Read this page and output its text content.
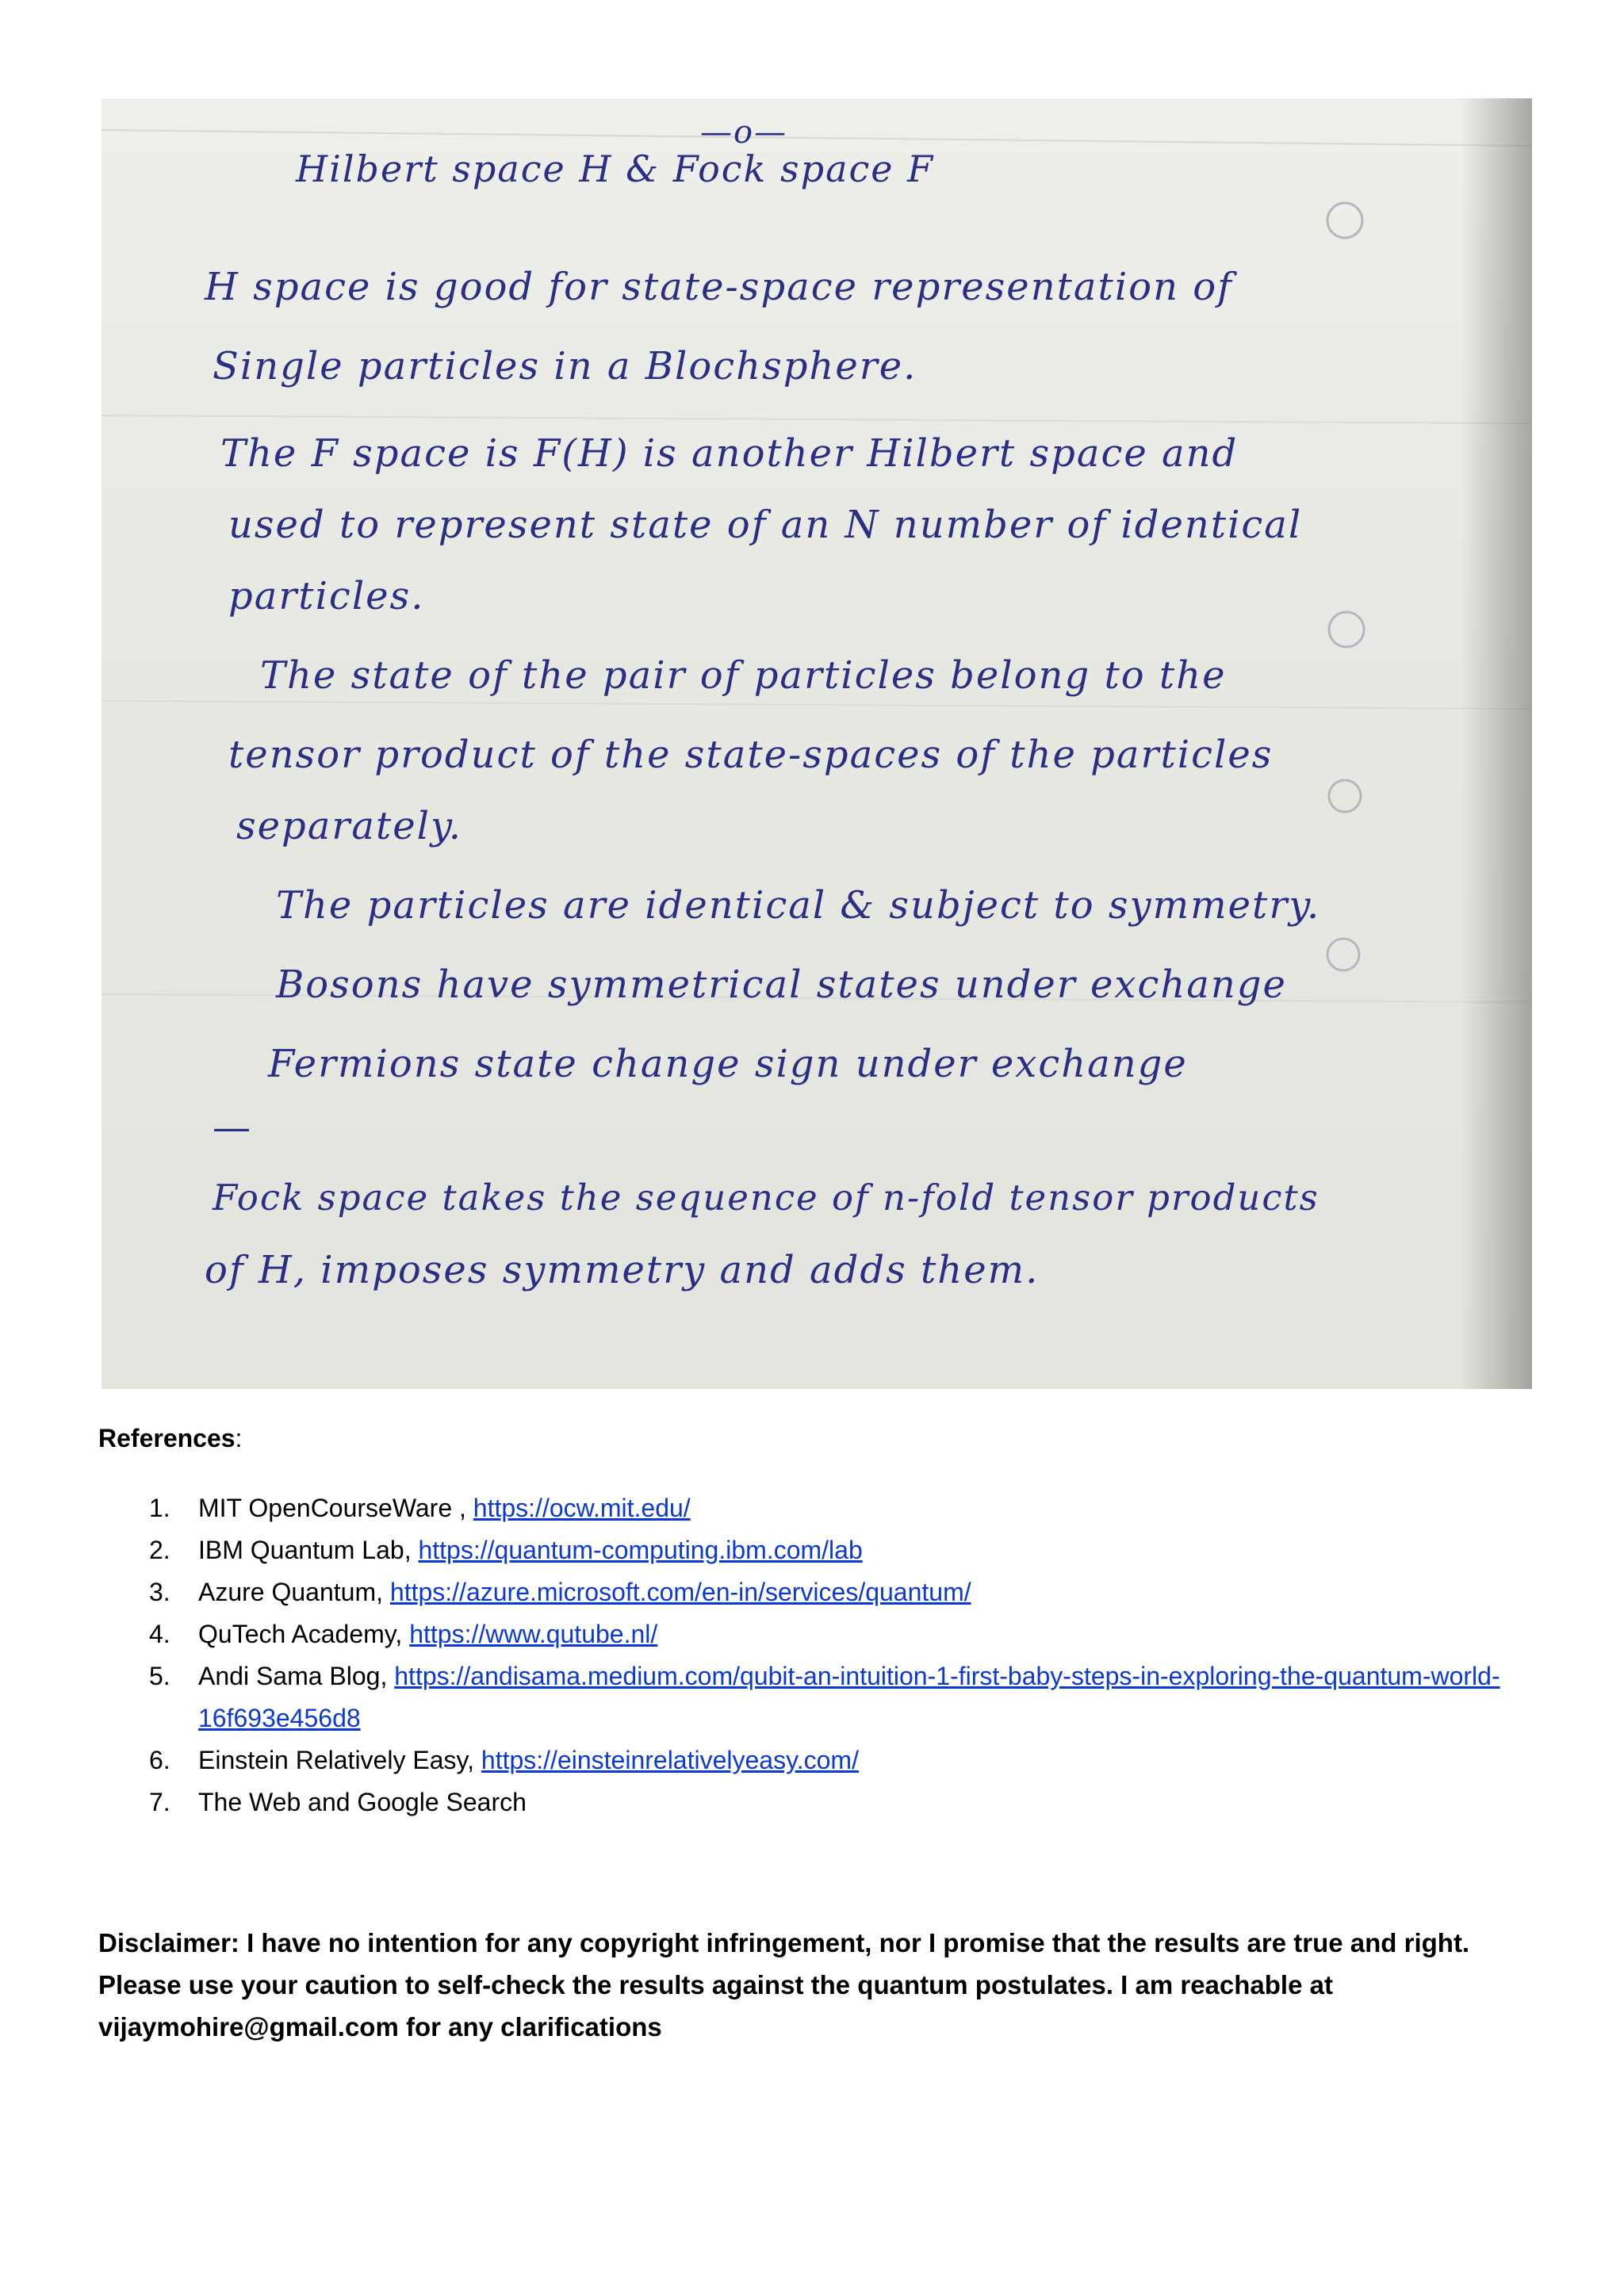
—o—
Hilbert space H & Fock space F
H space is good for state-space representation of
Single particles in a Blochsphere.
The F space is F(H) is another Hilbert space and
used to represent state of an N number of identical
particles.
The state of the pair of particles belong to the
tensor product of the state-spaces of the particles
separately.
The particles are identical & subject to symmetry.
Bosons have symmetrical states under exchange
Fermions state change sign under exchange
—
Fock space takes the sequence of n-fold tensor products
of H, imposes symmetry and adds them.
References:
1. MIT OpenCourseWare , https://ocw.mit.edu/
2. IBM Quantum Lab, https://quantum-computing.ibm.com/lab
3. Azure Quantum, https://azure.microsoft.com/en-in/services/quantum/
4. QuTech Academy, https://www.qutube.nl/
5. Andi Sama Blog, https://andisama.medium.com/qubit-an-intuition-1-first-baby-steps-in-exploring-the-quantum-world-16f693e456d8
6. Einstein Relatively Easy, https://einsteinrelativelyeasy.com/
7. The Web and Google Search
Disclaimer: I have no intention for any copyright infringement, nor I promise that the results are true and right. Please use your caution to self-check the results against the quantum postulates. I am reachable at vijaymohire@gmail.com for any clarifications
